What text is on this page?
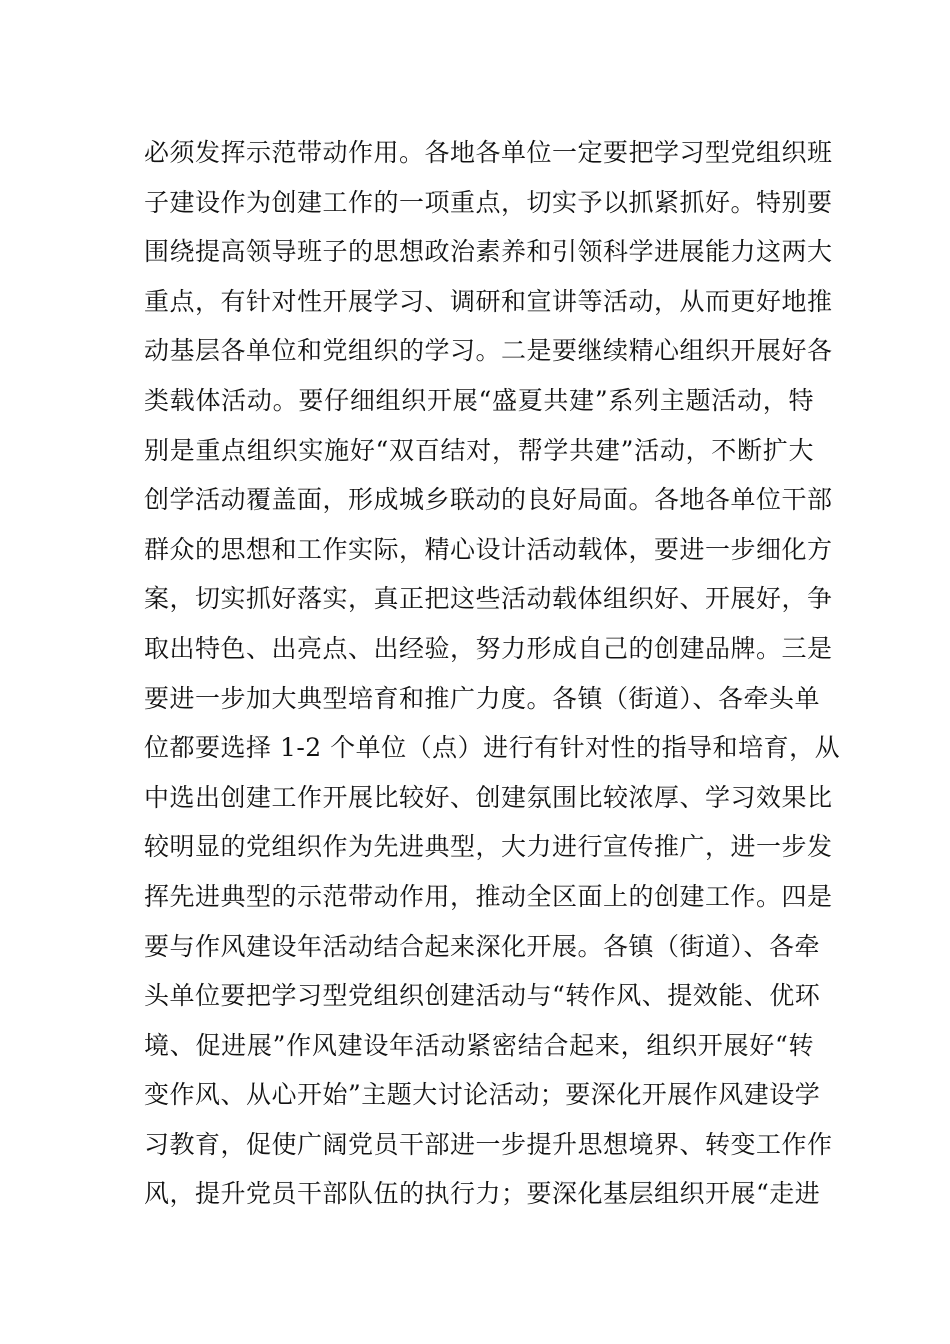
必须发挥示范带动作用。各地各单位一定要把学习型党组织班
子建设作为创建工作的一项重点，切实予以抓紧抓好。特别要
围绕提高领导班子的思想政治素养和引领科学进展能力这两大
重点，有针对性开展学习、调研和宣讲等活动，从而更好地推
动基层各单位和党组织的学习。二是要继续精心组织开展好各
类载体活动。要仔细组织开展“盛夏共建”系列主题活动，特
别是重点组织实施好“双百结对，帮学共建”活动，不断扩大
创学活动覆盖面，形成城乡联动的良好局面。各地各单位干部
群众的思想和工作实际，精心设计活动载体，要进一步细化方
案，切实抓好落实，真正把这些活动载体组织好、开展好，争
取出特色、出亮点、出经验，努力形成自己的创建品牌。三是
要进一步加大典型培育和推广力度。各镇（街道）、各牵头单
位都要选择 1-2 个单位（点）进行有针对性的指导和培育，从
中选出创建工作开展比较好、创建氛围比较浓厚、学习效果比
较明显的党组织作为先进典型，大力进行宣传推广，进一步发
挥先进典型的示范带动作用，推动全区面上的创建工作。四是
要与作风建设年活动结合起来深化开展。各镇（街道）、各牵
头单位要把学习型党组织创建活动与“转作风、提效能、优环
境、促进展”作风建设年活动紧密结合起来，组织开展好“转
变作风、从心开始”主题大讨论活动；要深化开展作风建设学
习教育，促使广阔党员干部进一步提升思想境界、转变工作作
风，提升党员干部队伍的执行力；要深化基层组织开展“走进
